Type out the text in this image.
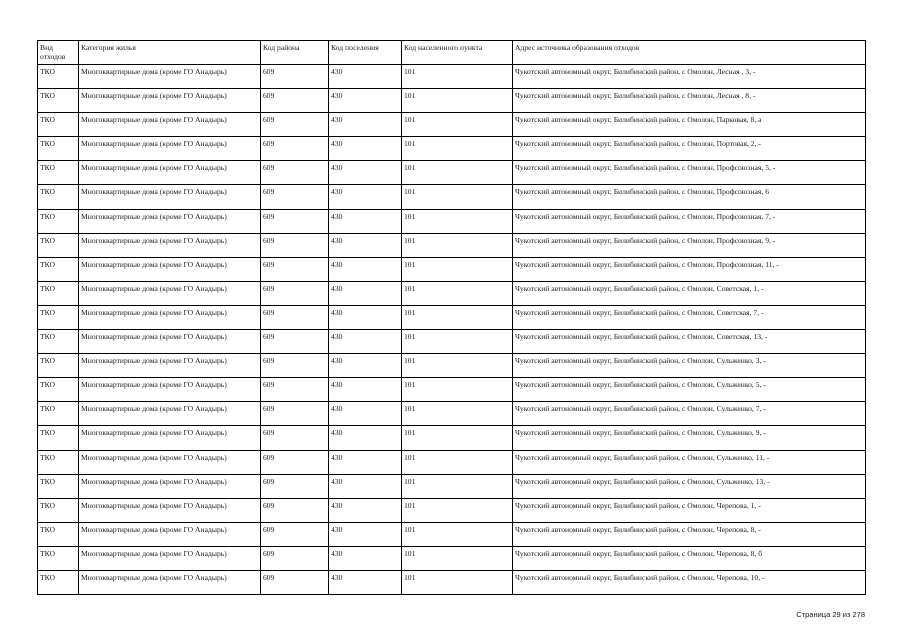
Вид отходов	Категория жилья	Код района	Код поселения	Код населенного пункта	Адрес источника образования отходов
ТКО	Многоквартирные дома (кроме ГО Анадырь)	609	430	101	Чукотский автономный округ, Билибинский район, с Омолон, Лесная , 3, -
ТКО	Многоквартирные дома (кроме ГО Анадырь)	609	430	101	Чукотский автономный округ, Билибинский район, с Омолон, Лесная , 8, -
ТКО	Многоквартирные дома (кроме ГО Анадырь)	609	430	101	Чукотский автономный округ, Билибинский район, с Омолон, Парковая, 8, а
ТКО	Многоквартирные дома (кроме ГО Анадырь)	609	430	101	Чукотский автономный округ, Билибинский район, с Омолон, Портовая, 2, -
ТКО	Многоквартирные дома (кроме ГО Анадырь)	609	430	101	Чукотский автономный округ, Билибинский район, с Омолон, Профсоюзная, 5, -
ТКО	Многоквартирные дома (кроме ГО Анадырь)	609	430	101	Чукотский автономный округ, Билибинский район, с Омолон, Профсоюзная, 6
ТКО	Многоквартирные дома (кроме ГО Анадырь)	609	430	101	Чукотский автономный округ, Билибинский район, с Омолон, Профсоюзная, 7, -
ТКО	Многоквартирные дома (кроме ГО Анадырь)	609	430	101	Чукотский автономный округ, Билибинский район, с Омолон, Профсоюзная, 9, -
ТКО	Многоквартирные дома (кроме ГО Анадырь)	609	430	101	Чукотский автономный округ, Билибинский район, с Омолон, Профсоюзная, 11, -
ТКО	Многоквартирные дома (кроме ГО Анадырь)	609	430	101	Чукотский автономный округ, Билибинский район, с Омолон, Советская, 1, -
ТКО	Многоквартирные дома (кроме ГО Анадырь)	609	430	101	Чукотский автономный округ, Билибинский район, с Омолон, Советская, 7, -
ТКО	Многоквартирные дома (кроме ГО Анадырь)	609	430	101	Чукотский автономный округ, Билибинский район, с Омолон, Советская, 13, -
ТКО	Многоквартирные дома (кроме ГО Анадырь)	609	430	101	Чукотский автономный округ, Билибинский район, с Омолон, Сульженко, 3, -
ТКО	Многоквартирные дома (кроме ГО Анадырь)	609	430	101	Чукотский автономный округ, Билибинский район, с Омолон, Сульженко, 5, -
ТКО	Многоквартирные дома (кроме ГО Анадырь)	609	430	101	Чукотский автономный округ, Билибинский район, с Омолон, Сульженко, 7, -
ТКО	Многоквартирные дома (кроме ГО Анадырь)	609	430	101	Чукотский автономный округ, Билибинский район, с Омолон, Сульженко, 9, -
ТКО	Многоквартирные дома (кроме ГО Анадырь)	609	430	101	Чукотский автономный округ, Билибинский район, с Омолон, Сульженко, 11, -
ТКО	Многоквартирные дома (кроме ГО Анадырь)	609	430	101	Чукотский автономный округ, Билибинский район, с Омолон, Сульженко, 13, -
ТКО	Многоквартирные дома (кроме ГО Анадырь)	609	430	101	Чукотский автономный округ, Билибинский район, с Омолон, Черепова, 1, -
ТКО	Многоквартирные дома (кроме ГО Анадырь)	609	430	101	Чукотский автономный округ, Билибинский район, с Омолон, Черепова, 8, -
ТКО	Многоквартирные дома (кроме ГО Анадырь)	609	430	101	Чукотский автономный округ, Билибинский район, с Омолон, Черепова, 8, б
ТКО	Многоквартирные дома (кроме ГО Анадырь)	609	430	101	Чукотский автономный округ, Билибинский район, с Омолон, Черепова, 10, -
Страница 29 из 278
